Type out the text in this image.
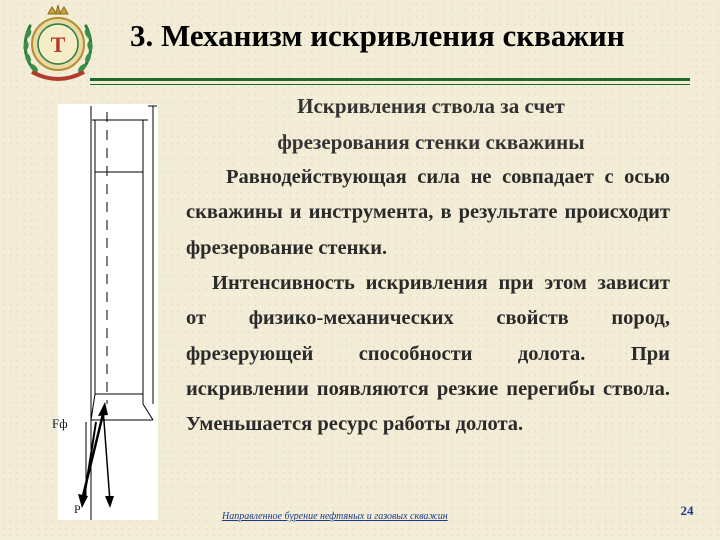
Т 3. Механизм искривления скважин
Fф
P
Искривления ствола за счет
фрезерования стенки скважины
Равнодействующая сила не совпадает с осью скважины и инструмента, в результате происходит фрезерование стенки.
Интенсивность искривления при этом зависит от физико-механических свойств пород, фрезерующей способности долота. При искривлении появляются резкие перегибы ствола. Уменьшается ресурс работы долота.
Направленное бурение нефтяных и газовых скважин	24
